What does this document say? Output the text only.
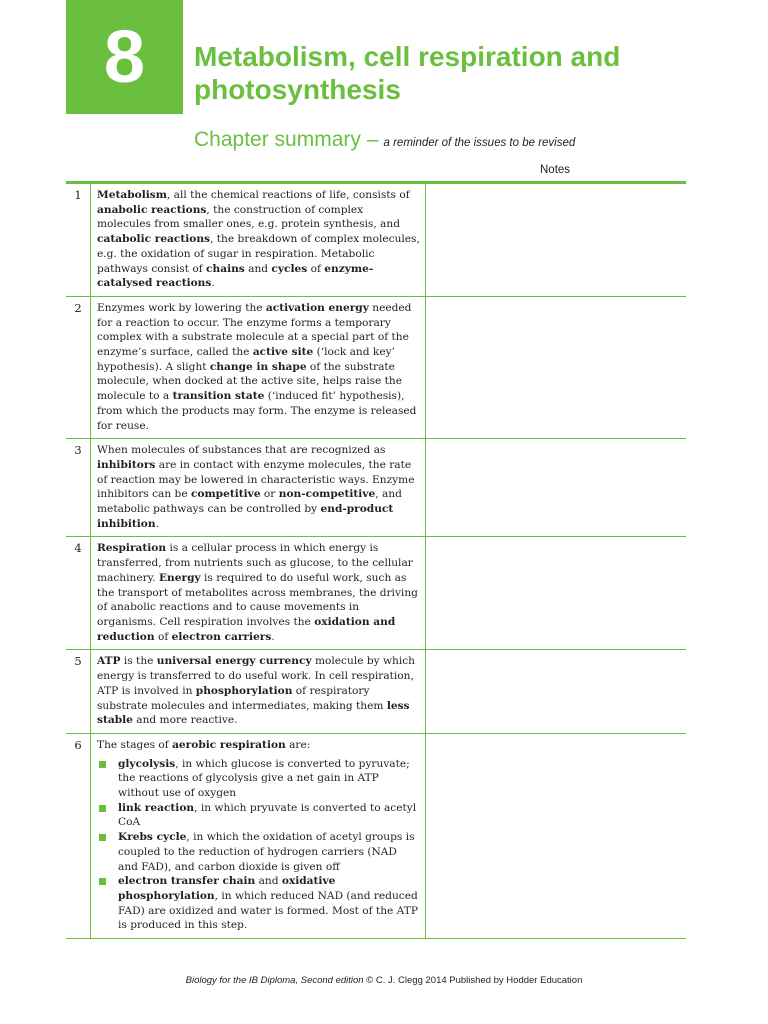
8 Metabolism, cell respiration and photosynthesis
Chapter summary – a reminder of the issues to be revised
Notes
1	Metabolism, all the chemical reactions of life, consists of anabolic reactions, the construction of complex molecules from smaller ones, e.g. protein synthesis, and catabolic reactions, the breakdown of complex molecules, e.g. the oxidation of sugar in respiration. Metabolic pathways consist of chains and cycles of enzyme-catalysed reactions.
2	Enzymes work by lowering the activation energy needed for a reaction to occur. The enzyme forms a temporary complex with a substrate molecule at a special part of the enzyme’s surface, called the active site (‘lock and key’ hypothesis). A slight change in shape of the substrate molecule, when docked at the active site, helps raise the molecule to a transition state (‘induced fit’ hypothesis), from which the products may form. The enzyme is released for reuse.
3	When molecules of substances that are recognized as inhibitors are in contact with enzyme molecules, the rate of reaction may be lowered in characteristic ways. Enzyme inhibitors can be competitive or non-competitive, and metabolic pathways can be controlled by end-product inhibition.
4	Respiration is a cellular process in which energy is transferred, from nutrients such as glucose, to the cellular machinery. Energy is required to do useful work, such as the transport of metabolites across membranes, the driving of anabolic reactions and to cause movements in organisms. Cell respiration involves the oxidation and reduction of electron carriers.
5	ATP is the universal energy currency molecule by which energy is transferred to do useful work. In cell respiration, ATP is involved in phosphorylation of respiratory substrate molecules and intermediates, making them less stable and more reactive.
6	The stages of aerobic respiration are:
glycolysis, in which glucose is converted to pyruvate; the reactions of glycolysis give a net gain in ATP without use of oxygen
link reaction, in which pryuvate is converted to acetyl CoA
Krebs cycle, in which the oxidation of acetyl groups is coupled to the reduction of hydrogen carriers (NAD and FAD), and carbon dioxide is given off
electron transfer chain and oxidative phosphorylation, in which reduced NAD (and reduced FAD) are oxidized and water is formed. Most of the ATP is produced in this step.
Biology for the IB Diploma, Second edition © C. J. Clegg 2014 Published by Hodder Education
